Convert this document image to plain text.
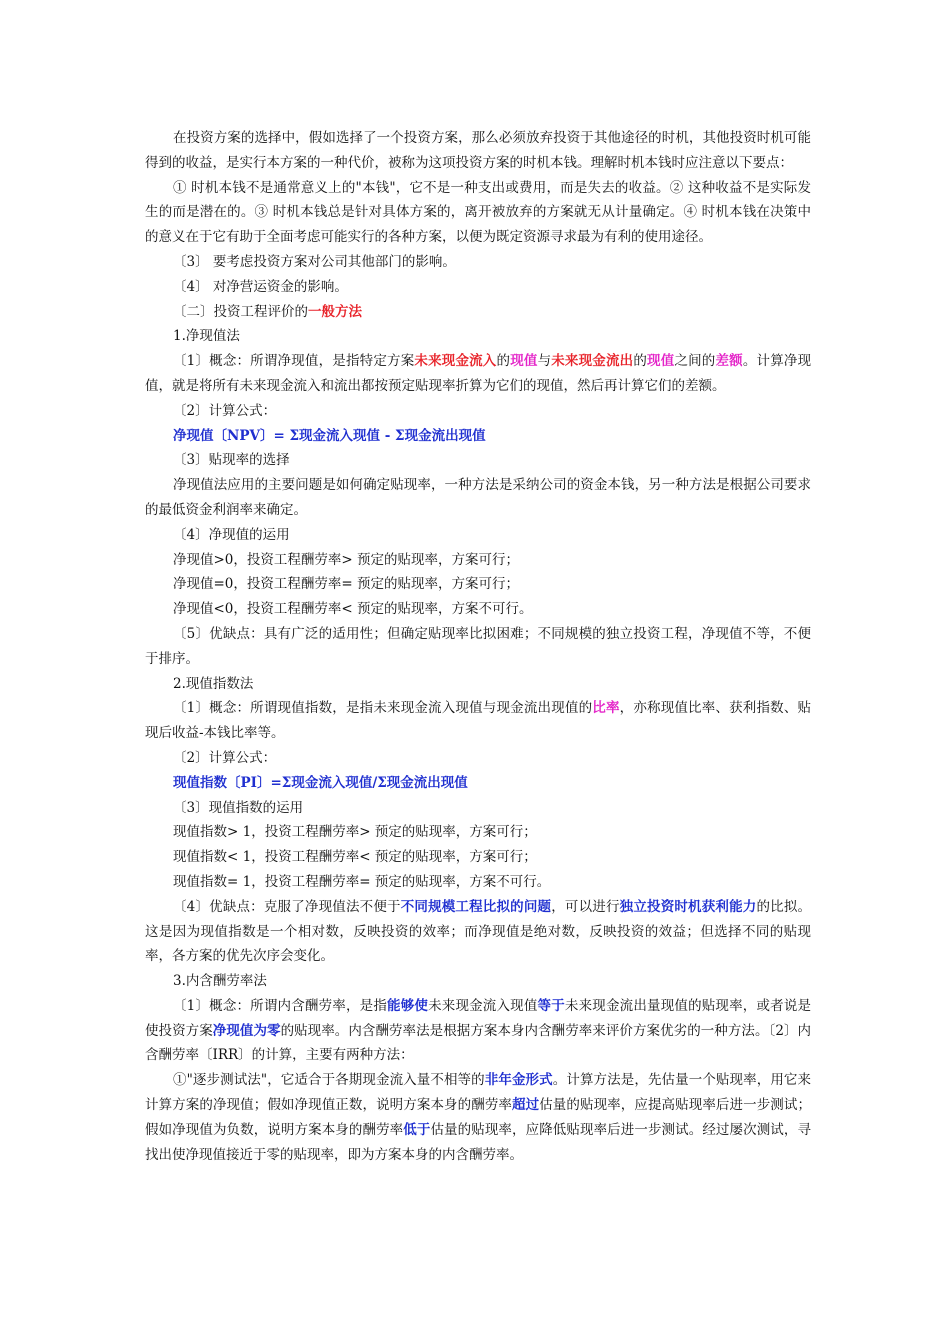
在投资方案的选择中，假如选择了一个投资方案，那么必须放弃投资于其他途径的时机，其他投资时机可能得到的收益，是实行本方案的一种代价，被称为这项投资方案的时机本钱。理解时机本钱时应注意以下要点：

① 时机本钱不是通常意义上的"本钱"，它不是一种支出或费用，而是失去的收益。② 这种收益不是实际发生的而是潜在的。③ 时机本钱总是针对具体方案的，离开被放弃的方案就无从计量确定。④ 时机本钱在决策中的意义在于它有助于全面考虑可能实行的各种方案，以便为既定资源寻求最为有利的使用途径。

〔3〕 要考虑投资方案对公司其他部门的影响。

〔4〕 对净营运资金的影响。

〔二〕投资工程评价的一般方法

1.净现值法

〔1〕概念：所谓净现值，是指特定方案未来现金流入的现值与未来现金流出的现值之间的差额。计算净现值，就是将所有未来现金流入和流出都按预定贴现率折算为它们的现值，然后再计算它们的差额。

〔2〕计算公式：

净现值〔NPV〕= Σ现金流入现值 - Σ现金流出现值

〔3〕贴现率的选择

净现值法应用的主要问题是如何确定贴现率，一种方法是采纳公司的资金本钱，另一种方法是根据公司要求的最低资金利润率来确定。

〔4〕净现值的运用

净现值>0，投资工程酬劳率> 预定的贴现率，方案可行；

净现值=0，投资工程酬劳率= 预定的贴现率，方案可行；

净现值<0，投资工程酬劳率< 预定的贴现率，方案不可行。

〔5〕优缺点：具有广泛的适用性；但确定贴现率比拟困难；不同规模的独立投资工程，净现值不等，不便于排序。

2.现值指数法

〔1〕概念：所谓现值指数，是指未来现金流入现值与现金流出现值的比率，亦称现值比率、获利指数、贴现后收益-本钱比率等。

〔2〕计算公式：

现值指数〔PI〕=Σ现金流入现值/Σ现金流出现值

〔3〕现值指数的运用

现值指数> 1，投资工程酬劳率> 预定的贴现率，方案可行；

现值指数< 1，投资工程酬劳率< 预定的贴现率，方案可行；

现值指数= 1，投资工程酬劳率= 预定的贴现率，方案不可行。

〔4〕优缺点：克服了净现值法不便于不同规模工程比拟的问题，可以进行独立投资时机获利能力的比拟。这是因为现值指数是一个相对数，反映投资的效率；而净现值是绝对数，反映投资的效益；但选择不同的贴现率，各方案的优先次序会变化。

3.内含酬劳率法

〔1〕概念：所谓内含酬劳率，是指能够使未来现金流入现值等于未来现金流出量现值的贴现率，或者说是使投资方案净现值为零的贴现率。内含酬劳率法是根据方案本身内含酬劳率来评价方案优劣的一种方法。〔2〕内含酬劳率〔IRR〕的计算，主要有两种方法：

①"逐步测试法"，它适合于各期现金流入量不相等的非年金形式。计算方法是，先估量一个贴现率，用它来计算方案的净现值；假如净现值正数，说明方案本身的酬劳率超过估量的贴现率，应提高贴现率后进一步测试；假如净现值为负数，说明方案本身的酬劳率低于估量的贴现率，应降低贴现率后进一步测试。经过屡次测试，寻找出使净现值接近于零的贴现率，即为方案本身的内含酬劳率。
